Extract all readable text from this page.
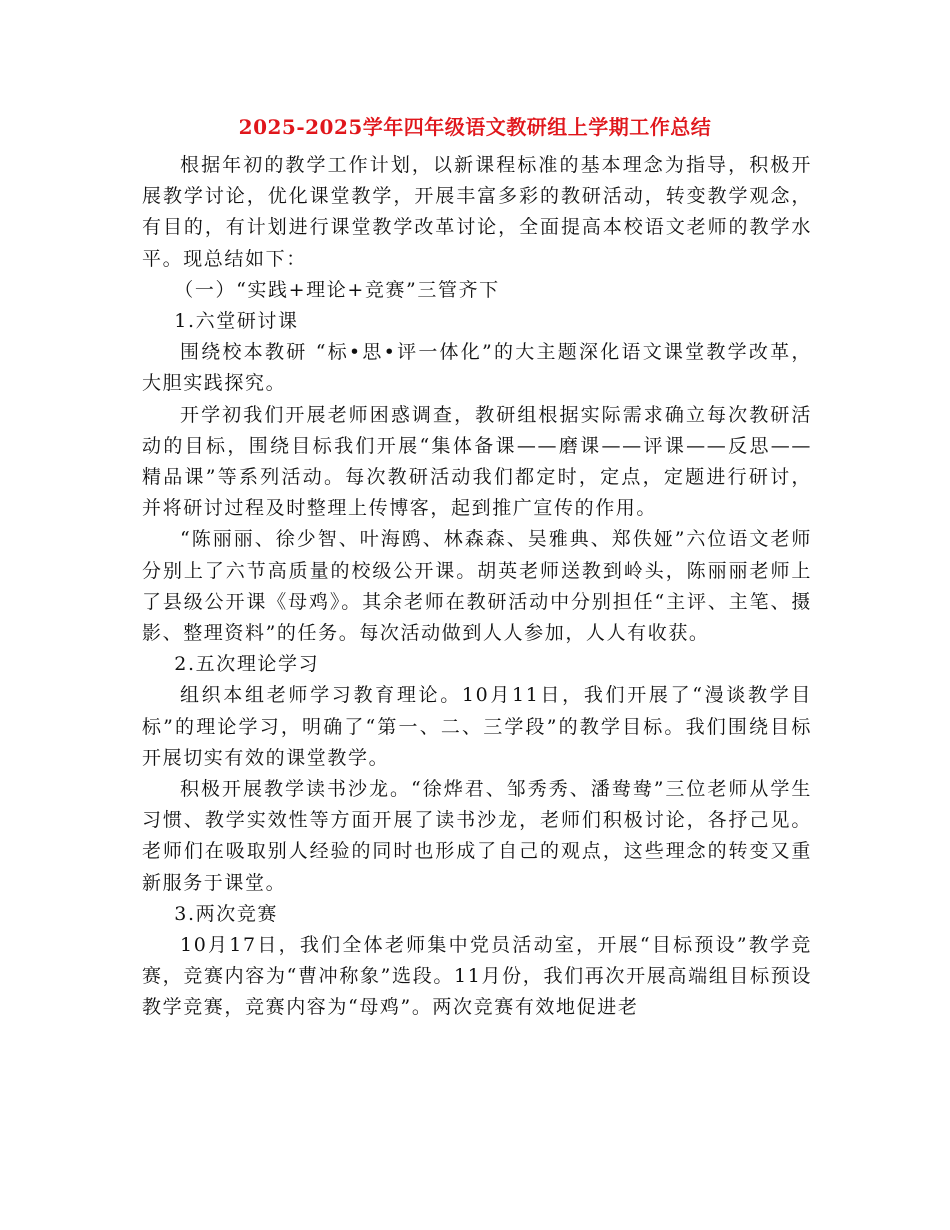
2025-2025学年四年级语文教研组上学期工作总结

根据年初的教学工作计划，以新课程标准的基本理念为指导，积极开展教学讨论，优化课堂教学，开展丰富多彩的教研活动，转变教学观念，有目的，有计划进行课堂教学改革讨论，全面提高本校语文老师的教学水平。现总结如下：

（一）“实践+理论+竞赛”三管齐下

1.六堂研讨课

围绕校本教研 “标•思•评一体化”的大主题深化语文课堂教学改革，大胆实践探究。

开学初我们开展老师困惑调查，教研组根据实际需求确立每次教研活动的目标，围绕目标我们开展“集体备课——磨课——评课——反思——精品课”等系列活动。每次教研活动我们都定时，定点，定题进行研讨，并将研讨过程及时整理上传博客，起到推广宣传的作用。

“陈丽丽、徐少智、叶海鸥、林森森、吴雅典、郑佚娅”六位语文老师分别上了六节高质量的校级公开课。胡英老师送教到岭头，陈丽丽老师上了县级公开课《母鸡》。其余老师在教研活动中分别担任“主评、主笔、摄影、整理资料”的任务。每次活动做到人人参加，人人有收获。

2.五次理论学习

组织本组老师学习教育理论。10月11日，我们开展了“漫谈教学目标”的理论学习，明确了“第一、二、三学段”的教学目标。我们围绕目标开展切实有效的课堂教学。

积极开展教学读书沙龙。“徐烨君、邹秀秀、潘鸯鸯”三位老师从学生习惯、教学实效性等方面开展了读书沙龙，老师们积极讨论，各抒己见。老师们在吸取别人经验的同时也形成了自己的观点，这些理念的转变又重新服务于课堂。

3.两次竞赛

10月17日，我们全体老师集中党员活动室，开展“目标预设”教学竞赛，竞赛内容为“曹冲称象”选段。11月份，我们再次开展高端组目标预设教学竞赛，竞赛内容为“母鸡”。两次竞赛有效地促进老
